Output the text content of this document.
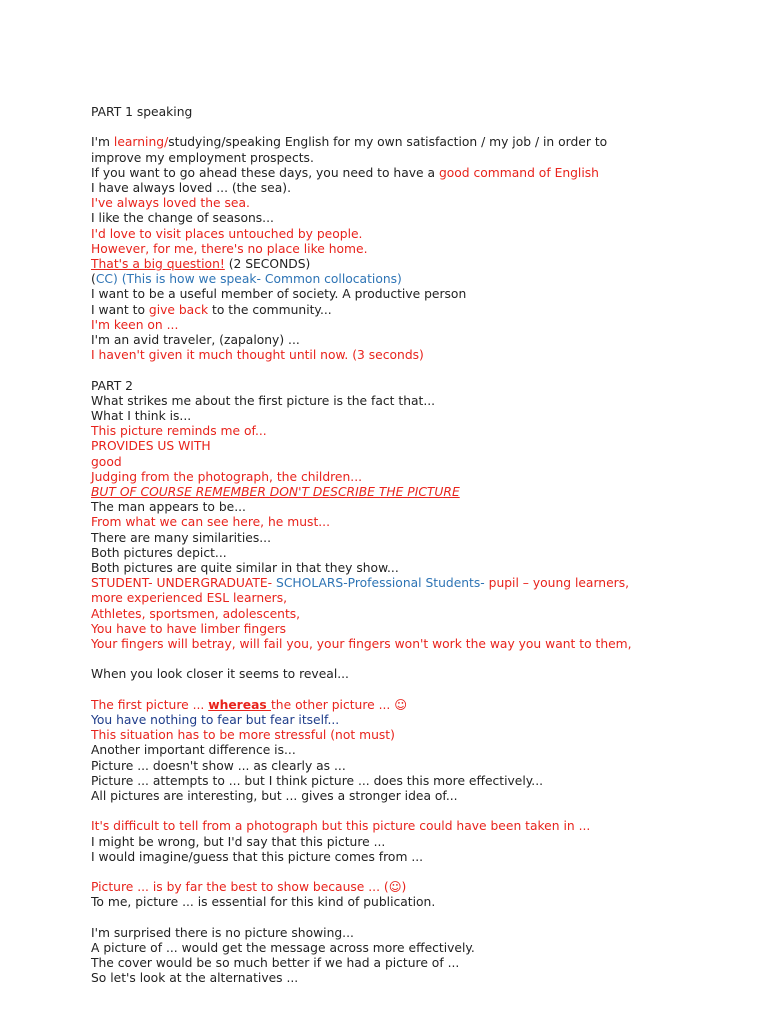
PART 1 speaking
I'm learning/studying/speaking English for my own satisfaction / my job / in order to
improve my employment prospects.
If you want to go ahead these days, you need to have a good command of English
I have always loved ... (the sea).
I've always loved the sea.
I like the change of seasons...
I'd love to visit places untouched by people.
However, for me, there's no place like home.
That's a big question! (2 SECONDS)
(CC) (This is how we speak- Common collocations)
I want to be a useful member of society. A productive person
I want to give back to the community...
I'm keen on ...
I'm an avid traveler, (zapalony) ...
I haven't given it much thought until now. (3 seconds)
PART 2
What strikes me about the first picture is the fact that...
What I think is...
This picture reminds me of...
PROVIDES US WITH
good
Judging from the photograph, the children...
BUT OF COURSE REMEMBER DON'T DESCRIBE THE PICTURE
The man appears to be...
From what we can see here, he must...
There are many similarities...
Both pictures depict...
Both pictures are quite similar in that they show...
STUDENT- UNDERGRADUATE- SCHOLARS-Professional Students- pupil – young learners,
more experienced ESL learners,
Athletes, sportsmen, adolescents,
You have to have limber fingers
Your fingers will betray, will fail you, your fingers won't work the way you want to them,
When you look closer it seems to reveal...
The first picture ... whereas the other picture ... ☺
You have nothing to fear but fear itself...
This situation has to be more stressful (not must)
Another important difference is...
Picture ... doesn't show ... as clearly as ...
Picture ... attempts to ... but I think picture ... does this more effectively...
All pictures are interesting, but ... gives a stronger idea of...
It's difficult to tell from a photograph but this picture could have been taken in ...
I might be wrong, but I'd say that this picture ...
I would imagine/guess that this picture comes from ...
Picture ... is by far the best to show because ... (☺)
To me, picture ... is essential for this kind of publication.
I'm surprised there is no picture showing...
A picture of ... would get the message across more effectively.
The cover would be so much better if we had a picture of ...
So let's look at the alternatives ...
